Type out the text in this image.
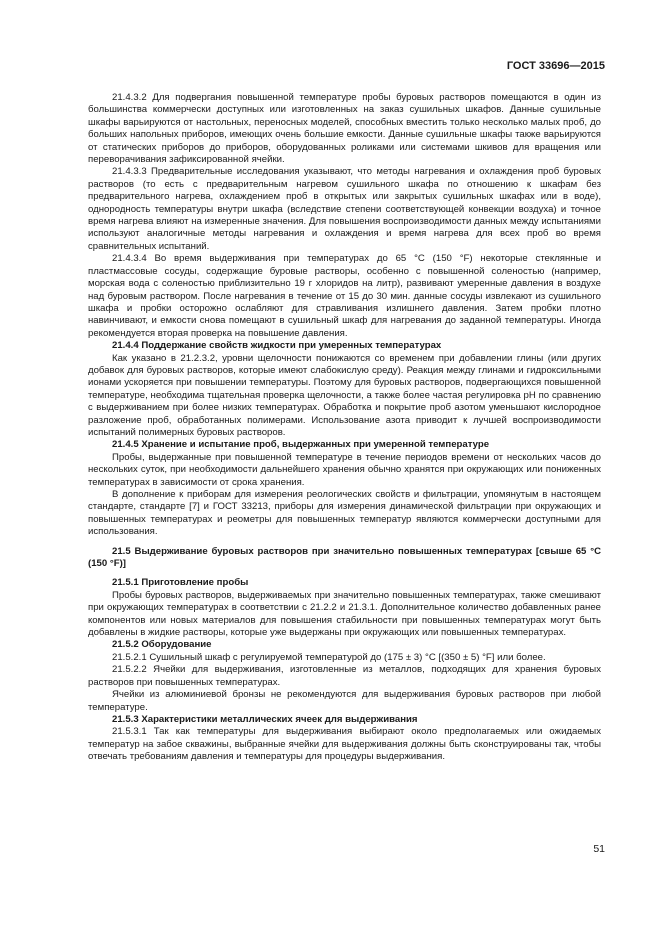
ГОСТ 33696—2015

21.4.3.2 Для подвергания повышенной температуре пробы буровых растворов помещаются в один из большинства коммерчески доступных или изготовленных на заказ сушильных шкафов. Данные сушильные шкафы варьируются от настольных, переносных моделей, способных вместить только несколько малых проб, до больших напольных приборов, имеющих очень большие емкости. Данные сушильные шкафы также варьируются от статических приборов до приборов, оборудованных роликами или системами шкивов для вращения или переворачивания зафиксированной ячейки.

21.4.3.3 Предварительные исследования указывают, что методы нагревания и охлаждения проб буровых растворов (то есть с предварительным нагревом сушильного шкафа по отношению к шкафам без предварительного нагрева, охлаждением проб в открытых или закрытых сушильных шкафах или в воде), однородность температуры внутри шкафа (вследствие степени соответствующей конвекции воздуха) и точное время нагрева влияют на измеренные значения. Для повышения воспроизводимости данных между испытаниями используют аналогичные методы нагревания и охлаждения и время нагрева для всех проб во время сравнительных испытаний.

21.4.3.4 Во время выдерживания при температурах до 65 °С (150 °F) некоторые стеклянные и пластмассовые сосуды, содержащие буровые растворы, особенно с повышенной соленостью (например, морская вода с соленостью приблизительно 19 г хлоридов на литр), развивают умеренные давления в воздухе над буровым раствором. После нагревания в течение от 15 до 30 мин. данные сосуды извлекают из сушильного шкафа и пробки осторожно ослабляют для стравливания излишнего давления. Затем пробки плотно навинчивают, и емкости снова помещают в сушильный шкаф для нагревания до заданной температуры. Иногда рекомендуется вторая проверка на повышение давления.

21.4.4 Поддержание свойств жидкости при умеренных температурах

Как указано в 21.2.3.2, уровни щелочности понижаются со временем при добавлении глины (или других добавок для буровых растворов, которые имеют слабокислую среду). Реакция между глинами и гидроксильными ионами ускоряется при повышении температуры. Поэтому для буровых растворов, подвергающихся повышенной температуре, необходима тщательная проверка щелочности, а также более частая регулировка pH по сравнению с выдерживанием при более низких температурах. Обработка и покрытие проб азотом уменьшают кислородное разложение проб, обработанных полимерами. Использование азота приводит к лучшей воспроизводимости испытаний полимерных буровых растворов.

21.4.5 Хранение и испытание проб, выдержанных при умеренной температуре

Пробы, выдержанные при повышенной температуре в течение периодов времени от нескольких часов до нескольких суток, при необходимости дальнейшего хранения обычно хранятся при окружающих или пониженных температурах в зависимости от срока хранения.

В дополнение к приборам для измерения реологических свойств и фильтрации, упомянутым в настоящем стандарте, стандарте [7] и ГОСТ 33213, приборы для измерения динамической фильтрации при окружающих и повышенных температурах и реометры для повышенных температур являются коммерчески доступными для использования.

21.5 Выдерживание буровых растворов при значительно повышенных температурах [свыше 65 °С (150 °F)]

21.5.1 Приготовление пробы

Пробы буровых растворов, выдерживаемых при значительно повышенных температурах, также смешивают при окружающих температурах в соответствии с 21.2.2 и 21.3.1. Дополнительное количество добавленных ранее компонентов или новых материалов для повышения стабильности при повышенных температурах могут быть добавлены в жидкие растворы, которые уже выдержаны при окружающих или повышенных температурах.

21.5.2 Оборудование

21.5.2.1 Сушильный шкаф с регулируемой температурой до (175 ± 3) °С [(350 ± 5) °F] или более.

21.5.2.2 Ячейки для выдерживания, изготовленные из металлов, подходящих для хранения буровых растворов при повышенных температурах.

Ячейки из алюминиевой бронзы не рекомендуются для выдерживания буровых растворов при любой температуре.

21.5.3 Характеристики металлических ячеек для выдерживания

21.5.3.1 Так как температуры для выдерживания выбирают около предполагаемых или ожидаемых температур на забое скважины, выбранные ячейки для выдерживания должны быть сконструированы так, чтобы отвечать требованиям давления и температуры для процедуры выдерживания.

51
